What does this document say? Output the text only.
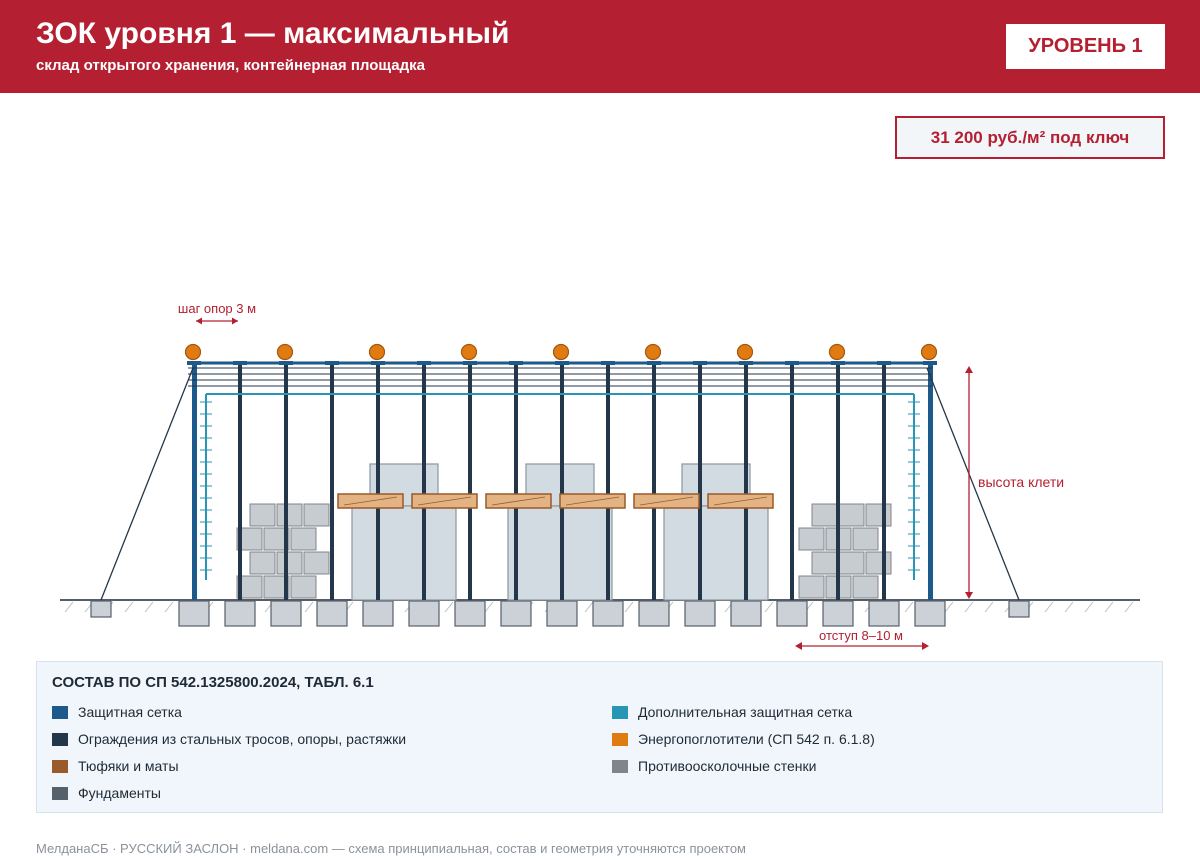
ЗОК уровня 1 — максимальный
склад открытого хранения, контейнерная площадка
УРОВЕНЬ 1
31 200 руб./м² под ключ
шаг опор 3 м
высота клети
отступ 8–10 м
СОСТАВ ПО СП 542.1325800.2024, ТАБЛ. 6.1
Защитная сетка	Дополнительная защитная сетка
Ограждения из стальных тросов, опоры, растяжки	Энергопоглотители (СП 542 п. 6.1.8)
Тюфяки и маты	Противоосколочные стенки
Фундаменты
МелданаСБ · РУССКИЙ ЗАСЛОН · meldana.com — схема принципиальная, состав и геометрия уточняются проектом
